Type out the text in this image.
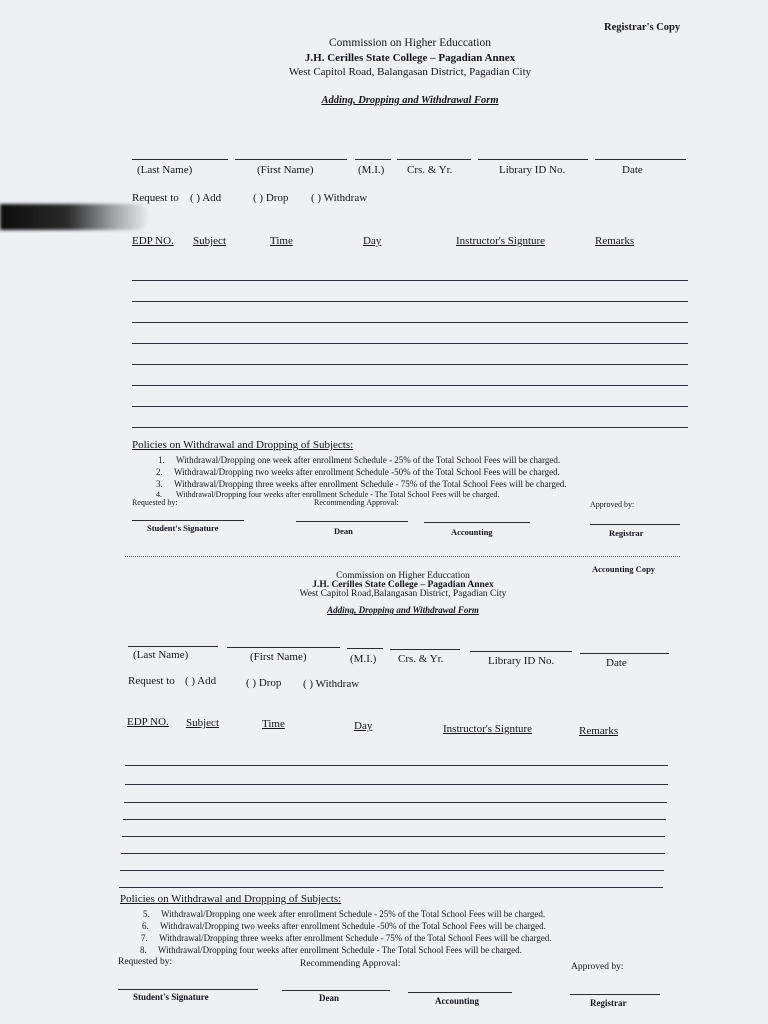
Registrar's Copy
Commission on Higher Educcation
J.H. Cerilles State College – Pagadian Annex
West Capitol Road, Balangasan District, Pagadian City
Adding, Dropping and Withdrawal Form
(Last Name)	(First Name)	(M.I.) Crs. & Yr.	Library ID No.	Date
Request to ( ) Add	( ) Drop ( ) Withdraw
EDP NO. Subject	Time	Day	Instructor's Signture	Remarks
Policies on Withdrawal and Dropping of Subjects:
1. Withdrawal/Dropping one week after enrollment Schedule - 25% of the Total School Fees will be charged.
2. Withdrawal/Dropping two weeks after enrollment Schedule -50% of the Total School Fees will be charged.
3. Withdrawal/Dropping three weeks after enrollment Schedule - 75% of the Total School Fees will be charged.
4. Withdrawal/Dropping four weeks after enrollment Schedule - The Total School Fees will be charged.
Requested by:	Recommending Approval:	Approved by:
Student's Signature	Dean	Accounting	Registrar
Accounting Copy
Commission on Higher Educcation
J.H. Cerilles State College – Pagadian Annex
West Capitol Road,Balangasan District, Pagadian City
Adding, Dropping and Withdrawal Form
(Last Name)	(First Name)	(M.I.) Crs. & Yr.	Library ID No.	Date
Request to ( ) Add	( ) Drop ( ) Withdraw
EDP NO. Subject	Time	Day	Instructor's Signture	Remarks
Policies on Withdrawal and Dropping of Subjects:
5. Withdrawal/Dropping one week after enrollment Schedule - 25% of the Total School Fees will be charged.
6. Withdrawal/Dropping two weeks after enrollment Schedule -50% of the Total School Fees will be charged.
7. Withdrawal/Dropping three weeks after enrollment Schedule - 75% of the Total School Fees will be charged.
8. Withdrawal/Dropping four weeks after enrollment Schedule - The Total School Fees will be charged.
Requested by:	Recommending Approval:	Approved by:
Student's Signature	Dean	Accounting	Registrar
